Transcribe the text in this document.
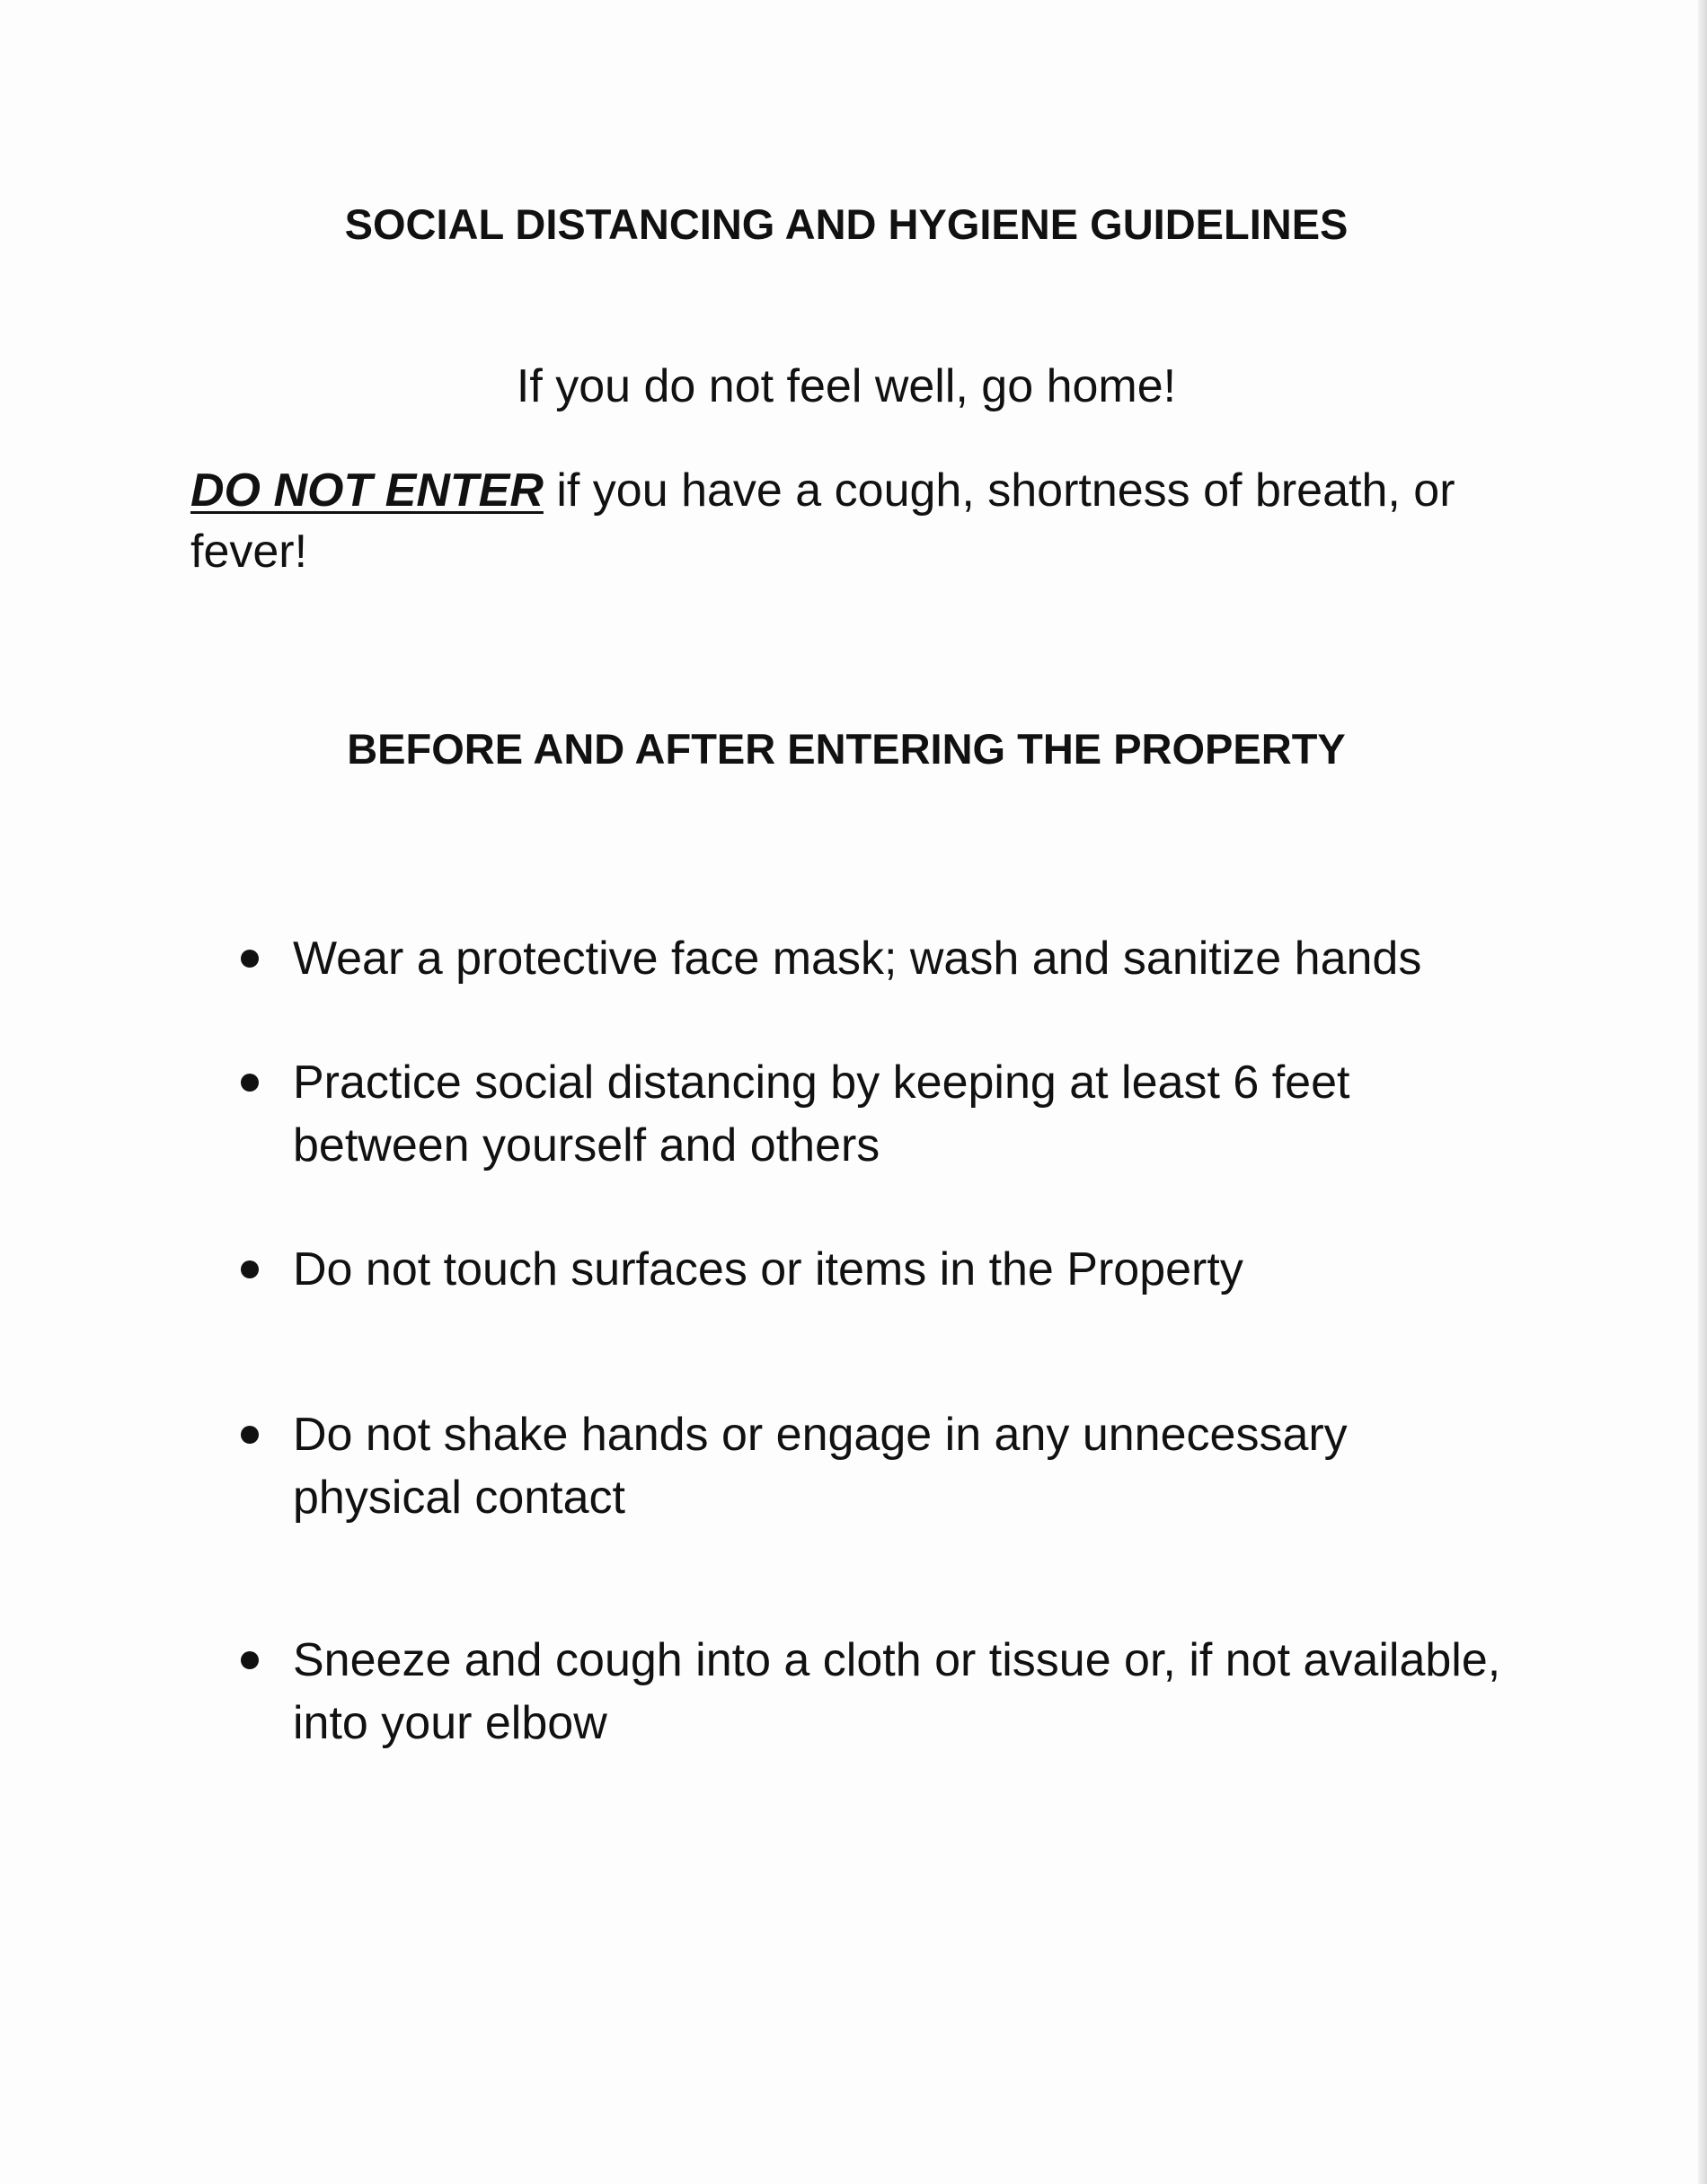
SOCIAL DISTANCING AND HYGIENE GUIDELINES

If you do not feel well, go home!

DO NOT ENTER if you have a cough, shortness of breath, or fever!

BEFORE AND AFTER ENTERING THE PROPERTY
Wear a protective face mask; wash and sanitize hands
Practice social distancing by keeping at least 6 feet between yourself and others
Do not touch surfaces or items in the Property
Do not shake hands or engage in any unnecessary physical contact
Sneeze and cough into a cloth or tissue or, if not available, into your elbow
